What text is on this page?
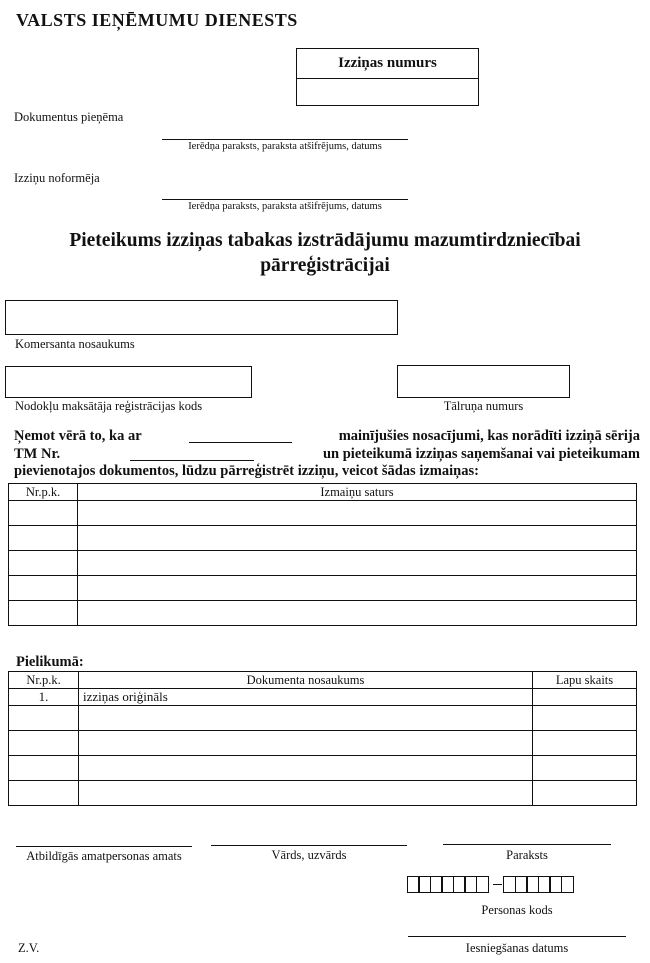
VALSTS IEŅĒMUMU DIENESTS
Izziņas numurs
Dokumentus pieņēma
Ierēdņa paraksts, paraksta atšifrējums, datums
Izziņu noformēja
Ierēdņa paraksts, paraksta atšifrējums, datums
Pieteikums izziņas tabakas izstrādājumu mazumtirdzniecībai
pārreģistrācijai
Komersanta nosaukums
Nodokļu maksātāja reģistrācijas kods	Tālruņa numurs
Ņemot vērā to, ka ar	mainījušies nosacījumi, kas norādīti izziņā sērija
TM Nr.	un pieteikumā izziņas saņemšanai vai pieteikumam
pievienotajos dokumentos, lūdzu pārreģistrēt izziņu, veicot šādas izmaiņas:
Nr.p.k.	Izmaiņu saturs

Pielikumā:
Nr.p.k.	Dokumenta nosaukums	Lapu skaits
1.	izziņas oriģināls	

Atbildīgās amatpersonas amats	Vārds, uzvārds	Paraksts
Personas kods
Iesniegšanas datums
Z.V.
